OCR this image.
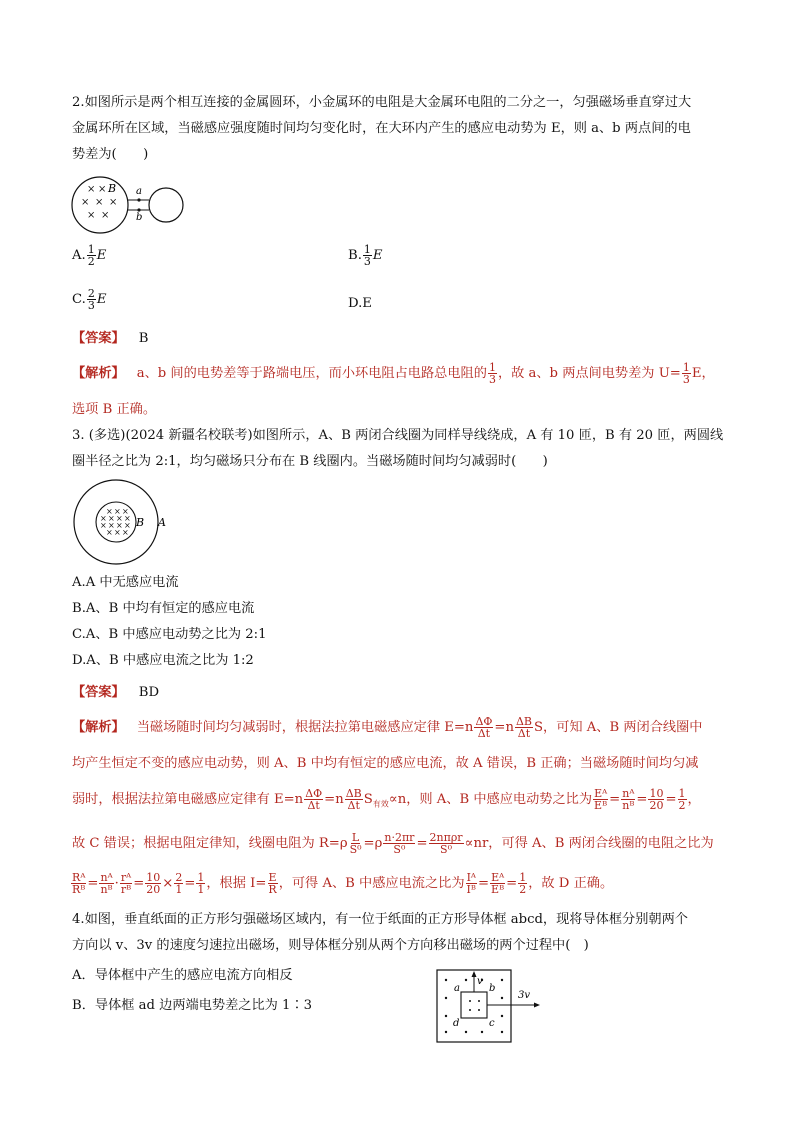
2.如图所示是两个相互连接的金属圆环，小金属环的电阻是大金属环电阻的二分之一，匀强磁场垂直穿过大
金属环所在区域，当磁感应强度随时间均匀变化时，在大环内产生的感应电动势为 E，则 a、b 两点间的电
势差为(　　)
× ×
× × ×
× ×
B a
b
A. $\frac{1}{2}$ E	B. $\frac{1}{3}$ E
C. $\frac{2}{3}$ E	D.E
【答案】 B
【解析】 a、b 间的电势差等于路端电压，而小环电阻占电路总电阻的 $\frac{1}{3}$ ，故 a、b 两点间电势差为 $U= \frac{1}{3}$ E，
选项 B 正确。
3. (多选)(2024 新疆名校联考)如图所示，A、B 两闭合线圈为同样导线绕成，A 有 10 匝，B 有 20 匝，两圆线
圈半径之比为 2:1，均匀磁场只分布在 B 线圈内。当磁场随时间均匀减弱时(　　)
× × ×
× × × ×
× × × ×
× × ×
B A
A.A 中无感应电流
B.A、B 中均有恒定的感应电流
C.A、B 中感应电动势之比为 2:1
D.A、B 中感应电流之比为 1:2
【答案】 BD
【解析】 当磁场随时间均匀减弱时，根据法拉第电磁感应定律 $E=n \frac{\Delta\Phi}{\Delta t} =n \frac{\Delta B}{\Delta t}$ S，可知 A、B 两闭合线圈中
均产生恒定不变的感应电动势，则 A、B 中均有恒定的感应电流，故 A 错误，B 正确；当磁场随时间均匀减
弱时，根据法拉第电磁感应定律有 $E=n \frac{\Delta\Phi}{\Delta t} =n \frac{\Delta B}{\Delta t} S_{有效}\propto n$，则 A、B 中感应电动势之比为 $\frac{\text{Eᴬ}}{\text{Eᴮ}} = \frac{\text{nᴬ}}{\text{nᴮ}} = \frac{10}{20} = \frac{1}{2}$ ，
故 C 错误；根据电阻定律知，线圈电阻为 $R=\rho \frac{L}{\text{S⁰}} =\rho \frac{n\cdot 2\pi r}{\text{S⁰}} = \frac{\text{2nπρr}}{\text{S⁰}} \propto nr$，可得 A、B 两闭合线圈的电阻之比为
$\frac{\text{Rᴬ}}{\text{Rᴮ}} = \frac{\text{nᴬ}}{\text{nᴮ}} \cdot \frac{\text{rᴬ}}{\text{rᴮ}} = \frac{10}{20} \times \frac{2}{1} = \frac{1}{1}$ ，根据 $I= \frac{E}{R}$ ，可得 A、B 中感应电流之比为 $\frac{\text{Iᴬ}}{\text{Iᴮ}} = \frac{\text{Eᴬ}}{\text{Eᴮ}} = \frac{1}{2}$ ，故 D 正确。
4.如图，垂直纸面的正方形匀强磁场区域内，有一位于纸面的正方形导体框 abcd，现将导体框分别朝两个
方向以 v、3v 的速度匀速拉出磁场，则导体框分别从两个方向移出磁场的两个过程中(　)
A．导体框中产生的感应电流方向相反
B．导体框 ad 边两端电势差之比为 1∶3
v
3v
a	b
c
d
